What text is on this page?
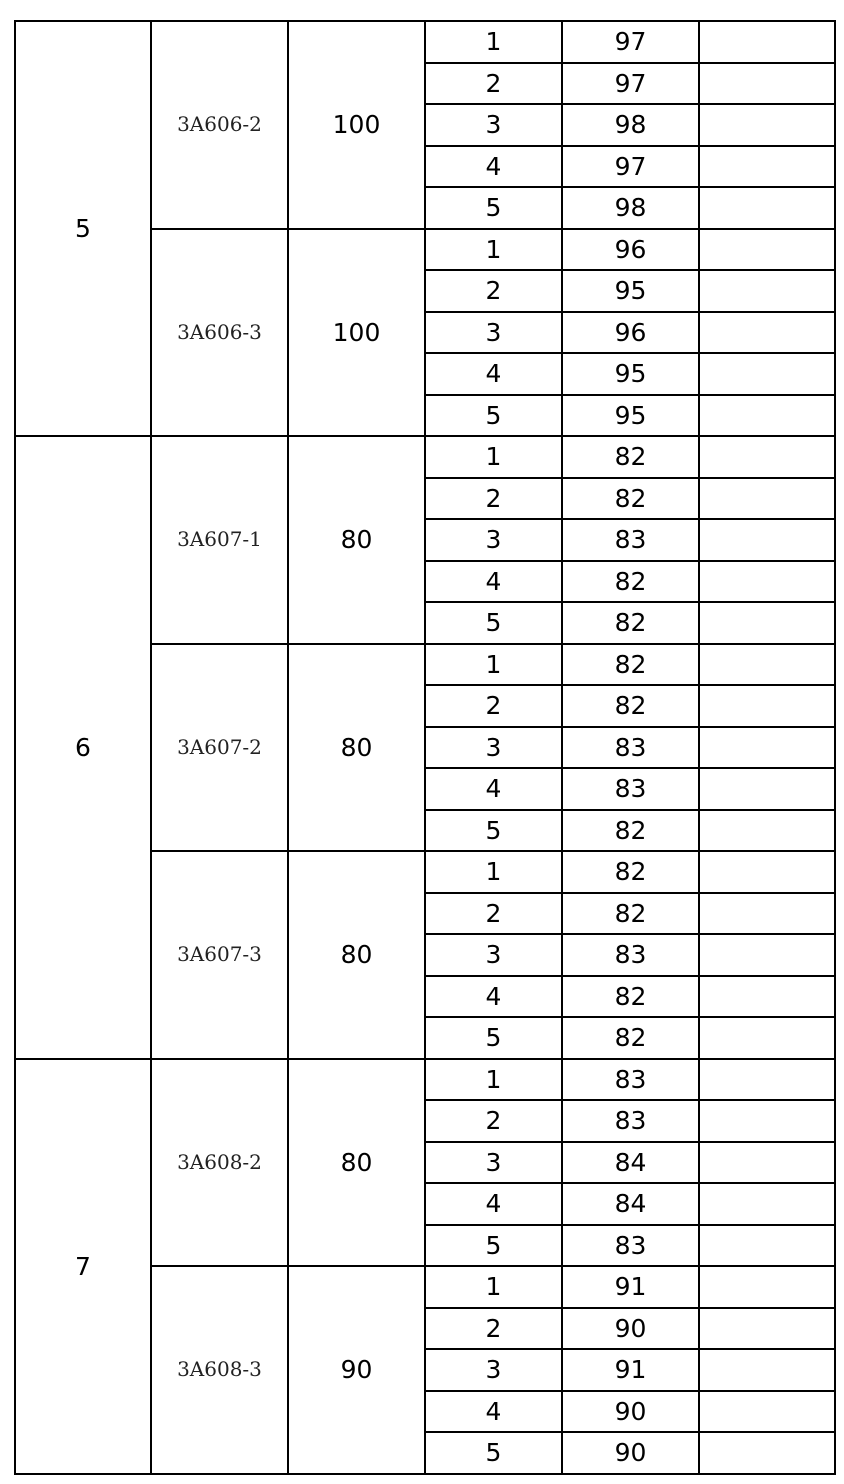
5	3A606-2	100	1	97	
			2	97	
			3	98	
			4	97	
			5	98	
	3A606-3	100	1	96	
			2	95	
			3	96	
			4	95	
			5	95	
6	3A607-1	80	1	82	
			2	82	
			3	83	
			4	82	
			5	82	
	3A607-2	80	1	82	
			2	82	
			3	83	
			4	83	
			5	82	
	3A607-3	80	1	82	
			2	82	
			3	83	
			4	82	
			5	82	
7	3A608-2	80	1	83	
			2	83	
			3	84	
			4	84	
			5	83	
	3A608-3	90	1	91	
			2	90	
			3	91	
			4	90	
			5	90	
